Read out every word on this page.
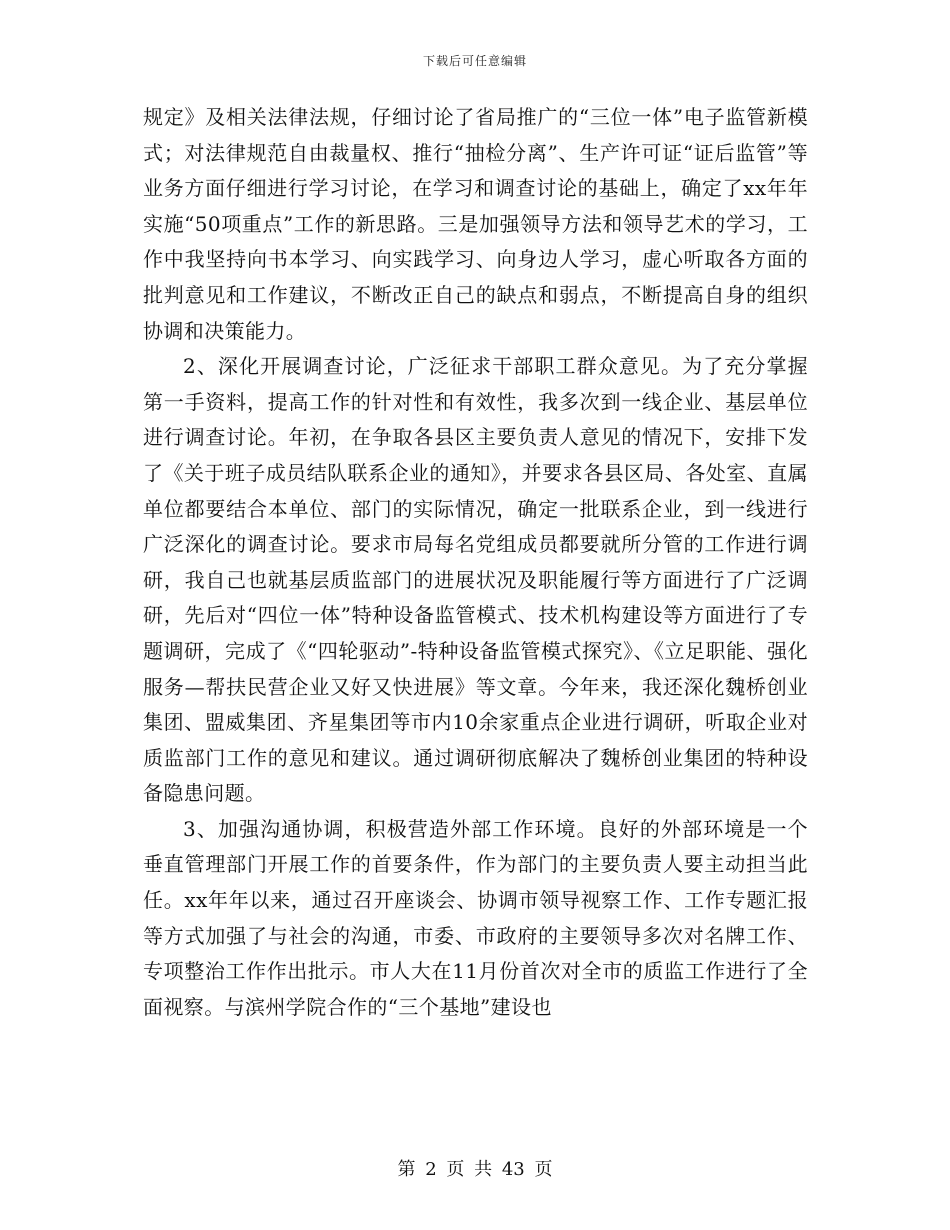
下载后可任意编辑

规定》及相关法律法规，仔细讨论了省局推广的“三位一体”电子监管新模式；对法律规范自由裁量权、推行“抽检分离”、生产许可证“证后监管”等业务方面仔细进行学习讨论，在学习和调查讨论的基础上，确定了xx年年实施“50项重点”工作的新思路。三是加强领导方法和领导艺术的学习，工作中我坚持向书本学习、向实践学习、向身边人学习，虚心听取各方面的批判意见和工作建议，不断改正自己的缺点和弱点，不断提高自身的组织协调和决策能力。

2、深化开展调查讨论，广泛征求干部职工群众意见。为了充分掌握第一手资料，提高工作的针对性和有效性，我多次到一线企业、基层单位进行调查讨论。年初，在争取各县区主要负责人意见的情况下，安排下发了《关于班子成员结队联系企业的通知》，并要求各县区局、各处室、直属单位都要结合本单位、部门的实际情况，确定一批联系企业，到一线进行广泛深化的调查讨论。要求市局每名党组成员都要就所分管的工作进行调研，我自己也就基层质监部门的进展状况及职能履行等方面进行了广泛调研，先后对“四位一体”特种设备监管模式、技术机构建设等方面进行了专题调研，完成了《“四轮驱动”-特种设备监管模式探究》、《立足职能、强化服务—帮扶民营企业又好又快进展》等文章。今年来，我还深化魏桥创业集团、盟威集团、齐星集团等市内10余家重点企业进行调研，听取企业对质监部门工作的意见和建议。通过调研彻底解决了魏桥创业集团的特种设备隐患问题。

3、加强沟通协调，积极营造外部工作环境。良好的外部环境是一个垂直管理部门开展工作的首要条件，作为部门的主要负责人要主动担当此任。xx年年以来，通过召开座谈会、协调市领导视察工作、工作专题汇报等方式加强了与社会的沟通，市委、市政府的主要领导多次对名牌工作、专项整治工作作出批示。市人大在11月份首次对全市的质监工作进行了全面视察。与滨州学院合作的“三个基地”建设也

第 2 页 共 43 页
